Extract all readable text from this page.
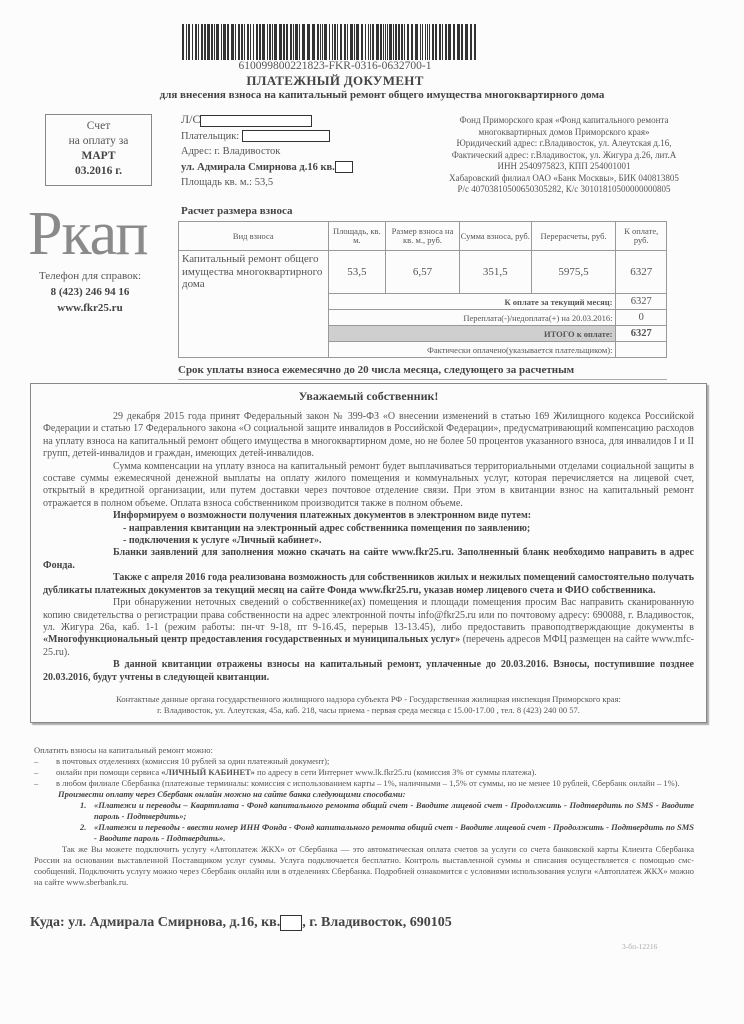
610099800221823-FKR-0316-0632700-1
ПЛАТЕЖНЫЙ ДОКУМЕНТ
для внесения взноса на капитальный ремонт общего имущества многоквартирного дома
Счет
на оплату за
МАРТ
03.2016 г.
Л/С
Плательщик:
Адрес: г. Владивосток
ул. Адмирала Смирнова д.16 кв.
Площадь кв. м.: 53,5
Фонд Приморского края «Фонд капитального ремонта
многоквартирных домов Приморского края»
Юридический адрес: г.Владивосток, ул. Алеутская д.16,
Фактический адрес: г.Владивосток, ул. Жигура д.26, лит.А
ИНН 2540975823, КПП 254001001
Хабаровский филиал ОАО «Банк Москвы», БИК 040813805
Р/с 40703810500650305282, К/с 30101810500000000805
Ркап
Телефон для справок:
8 (423) 246 94 16
www.fkr25.ru
Расчет размера взноса
Вид взноса	Площадь, кв. м.	Размер взноса на кв. м., руб.	Сумма взноса, руб.	Перерасчеты, руб.	К оплате, руб.
Капитальный ремонт общего имущества многоквартирного дома	53,5	6,57	351,5	5975,5	6327
	К оплате за текущий месяц:				6327
	Переплата(-)/недоплата(+) на 20.03.2016:				0
	ИТОГО к оплате:				6327
	Фактически оплачено(указывается плательщиком):				
Срок уплаты взноса ежемесячно до 20 числа месяца, следующего за расчетным
Уважаемый собственник!

29 декабря 2015 года принят Федеральный закон № 399-ФЗ «О внесении изменений в статью 169 Жилищного кодекса Российской Федерации и статью 17 Федерального закона «О социальной защите инвалидов в Российской Федерации», предусматривающий компенсацию расходов на уплату взноса на капитальный ремонт общего имущества в многоквартирном доме, но не более 50 процентов указанного взноса, для инвалидов I и II групп, детей-инвалидов и граждан, имеющих детей-инвалидов.

Сумма компенсации на уплату взноса на капитальный ремонт будет выплачиваться территориальными отделами социальной защиты в составе суммы ежемесячной денежной выплаты на оплату жилого помещения и коммунальных услуг, которая перечисляется на лицевой счет, открытый в кредитной организации, или путем доставки через почтовое отделение связи. При этом в квитанции взнос на капитальный ремонт отражается в полном объеме. Оплата взноса собственником производится также в полном объеме.

Информируем о возможности получения платежных документов в электронном виде путем:

- направления квитанции на электронный адрес собственника помещения по заявлению;

- подключения к услуге «Личный кабинет».

Бланки заявлений для заполнения можно скачать на сайте www.fkr25.ru. Заполненный бланк необходимо направить в адрес Фонда.

Также с апреля 2016 года реализована возможность для собственников жилых и нежилых помещений самостоятельно получать дубликаты платежных документов за текущий месяц на сайте Фонда www.fkr25.ru, указав номер лицевого счета и ФИО собственника.

При обнаружении неточных сведений о собственнике(ах) помещения и площади помещения просим Вас направить сканированную копию свидетельства о регистрации права собственности на адрес электронной почты info@fkr25.ru или по почтовому адресу: 690088, г. Владивосток, ул. Жигура 26а, каб. 1-1 (режим работы: пн-чт 9-18, пт 9-16.45, перерыв 13-13.45), либо предоставить правоподтверждающие документы в «Многофункциональный центр предоставления государственных и муниципальных услуг» (перечень адресов МФЦ размещен на сайте www.mfc-25.ru).

В данной квитанции отражены взносы на капитальный ремонт, уплаченные до 20.03.2016. Взносы, поступившие позднее 20.03.2016, будут учтены в следующей квитанции.

Контактные данные органа государственного жилищного надзора субъекта РФ - Государственная жилищная инспекция Приморского края:
г. Владивосток, ул. Алеутская, 45а, каб. 218, часы приема - первая среда месяца с 15.00-17.00 , тел. 8 (423) 240 00 57.

Оплатить взносы на капитальный ремонт можно:
– в почтовых отделениях (комиссия 10 рублей за один платежный документ);
– онлайн при помощи сервиса «ЛИЧНЫЙ КАБИНЕТ» по адресу в сети Интернет www.lk.fkr25.ru (комиссия 3% от суммы платежа).
– в любом филиале Сбербанка (платежные терминалы: комиссия с использованием карты – 1%, наличными – 1,5% от суммы, но не менее 10 рублей, Сбербанк онлайн – 1%).
Произвести оплату через Сбербанк онлайн можно на сайте банка следующими способами:
1. «Платежи и переводы – Квартплата - Фонд капитального ремонта общий счет - Вводите лицевой счет - Продолжить - Подтвердить по SMS - Вводите пароль - Подтвердить»;
2. «Платежи и переводы - ввести номер ИНН Фонда - Фонд капитального ремонта общий счет - Вводите лицевой счет - Продолжить - Подтвердить по SMS - Вводите пароль - Подтвердить».
Так же Вы можете подключить услугу «Автоплатеж ЖКХ» от Сбербанка — это автоматическая оплата счетов за услуги со счета банковской карты Клиента Сбербанка России на основании выставленной Поставщиком услуг суммы. Услуга подключается бесплатно. Контроль выставленной суммы и списания осуществляется с помощью смс-сообщений. Подключить услугу можно через Сбербанк онлайн или в отделениях Сбербанка. Подробней ознакомится с условиями использования услуги «Автоплатеж ЖКХ» можно на сайте www.sberbank.ru.
Куда: ул. Адмирала Смирнова, д.16, кв. , г. Владивосток, 690105
3-бп-12216
